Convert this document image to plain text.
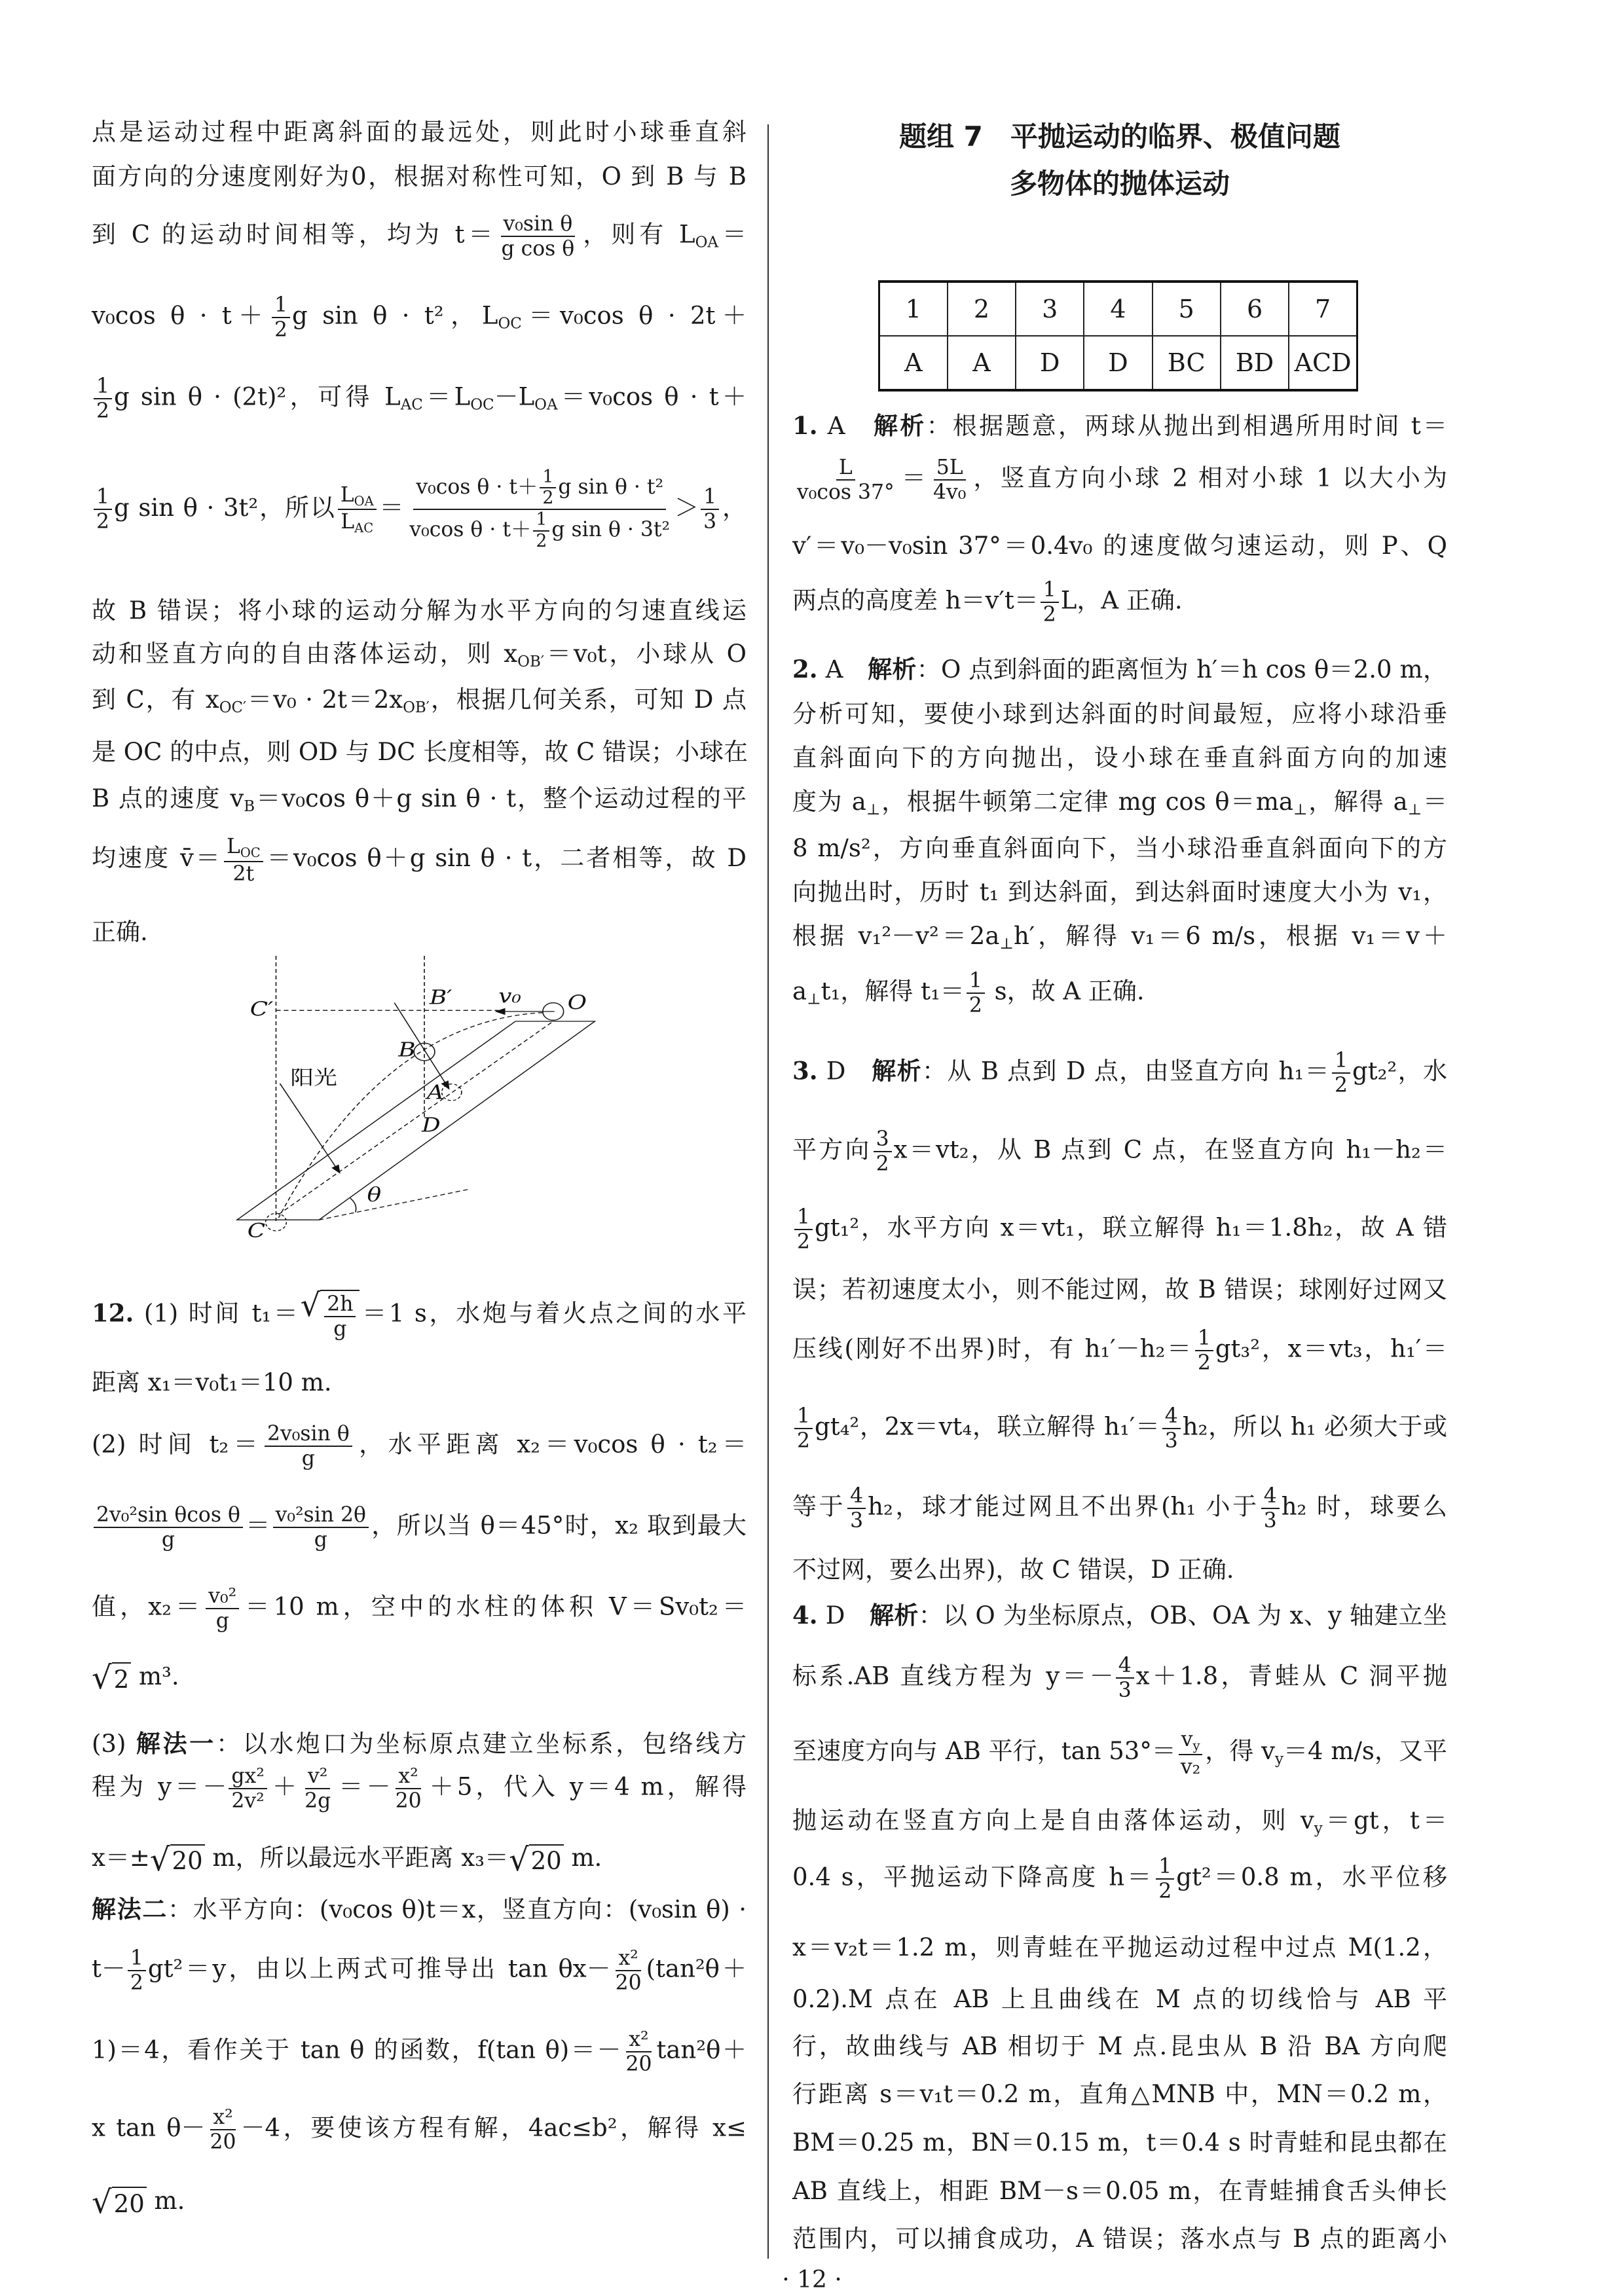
题组 7　平抛运动的临界、极值问题
多物体的抛体运动
1	2	3	4	5	6	7
A	A	D	D	BC	BD	ACD
C′
B′ v₀ O
B
阳光
A
D
θ
C
点是运动过程中距离斜面的最远处，则此时小球垂直斜
面方向的分速度刚好为0，根据对称性可知，O 到 B 与 B
到 C 的运动时间相等，均为 $t= \frac{\text{v₀sin θ}}{\text{g cos θ}}$ ，则有 $L_{OA}=$
v₀cos $\theta \cdot t+ \frac{1}{2}$ g sin θ · t²，$L_{OC}=v_0\cos$ θ · 2t＋
$\frac{1}{2}$ g sin θ · (2t)²，可得 $L_{AC}=L_{OC}-L_{OA}=v_0\cos$ θ · t＋
$\frac{1}{2}$ g sin θ · 3t²，所以 $\frac{L_{OA}}{L_{AC}} = \frac{v_0\cos \theta \cdot t+ \frac{1}{2} g \sin \theta \cdot t^2}{v_0\cos \theta \cdot t+ \frac{1}{2} g \sin \theta \cdot 3t^2} > \frac{1}{3}$ ，
故 B 错误；将小球的运动分解为水平方向的匀速直线运
动和竖直方向的自由落体运动，则 $x_{OB'}=v_0t$，小球从 O
到 C，有 $x_{OC'}=v_0 \cdot 2t=2x_{OB'}$，根据几何关系，可知 D 点
是 OC 的中点，则 OD 与 DC 长度相等，故 C 错误；小球在
B 点的速度 $v_B=v_0\cos$ θ＋g sin θ · t，整个运动过程的平
均速度 v̄＝ $\frac{L_{OC}}{2t} =v_0\cos$ θ＋g sin θ · t，二者相等，故 D
正确.
12. (1) 时间 t₁＝ √ $\frac{2h}{g} =1$ s，水炮与着火点之间的水平
距离 x₁＝v₀t₁＝10 m.
(2) 时间 $t_2= \frac{\text{2v₀sin θ}}{g}$ ，水平距离 x₂＝v₀cos θ · t₂＝
$\frac{\text{2v₀²sin θcos θ}}{g} = \frac{\text{v₀²sin 2θ}}{g}$ ，所以当 θ＝45°时，x₂ 取到最大
值，$x_2= \frac{\text{v₀²}}{g} =10$ m，空中的水柱的体积 V＝Sv₀t₂＝
√ 2 m³.
(3) 解法一：以水炮口为坐标原点建立坐标系，包络线方
程为 $y=- \frac{\text{gx²}}{\text{2v²}} + \frac{\text{v²}}{2g} =- \frac{\text{x²}}{20} +5$，代入 y＝4 m，解得
x＝± √ 20 m，所以最远水平距离 x₃＝ √ 20 m.
解法二：水平方向：(v₀cos θ)t＝x，竖直方向：(v₀sin θ) ·
$t- \frac{1}{2} gt^2=y$，由以上两式可推导出 $\tan \theta x- \frac{\text{x²}}{20} (\tan^2\theta+$
1)＝4，看作关于 tan θ 的函数，f(tan $\theta)=- \frac{\text{x²}}{20} \tan^2\theta+$
x $\tan \theta- \frac{\text{x²}}{20} -4$，要使该方程有解，4ac≤b²，解得 x≤
√ 20 m.
1. A　解析：根据题意，两球从抛出到相遇所用时间 t＝
$\frac{L}{\text{v₀cos 37°}} = \frac{5L}{\text{4v₀}}$ ，竖直方向小球 2 相对小球 1 以大小为
v′＝v₀－v₀sin 37°＝0.4v₀ 的速度做匀速运动，则 P、Q
两点的高度差 $h=v't= \frac{1}{2}$ L，A 正确.
2. A　解析：O 点到斜面的距离恒为 h′＝h cos θ＝2.0 m，
分析可知，要使小球到达斜面的时间最短，应将小球沿垂
直斜面向下的方向抛出，设小球在垂直斜面方向的加速
度为 $a_\perp$，根据牛顿第二定律 mg $\cos \theta=ma_\perp$，解得 $a_\perp=$
8 m/s²，方向垂直斜面向下，当小球沿垂直斜面向下的方
向抛出时，历时 t₁ 到达斜面，到达斜面时速度大小为 v₁，
根据 $v_1^2-v^2=2a_\perp h'$，解得 v₁＝6 m/s，根据 v₁＝v＋
$a_\perp t_1$，解得 $t_1= \frac{1}{2}$ s，故 A 正确.
3. D　解析：从 B 点到 D 点，由竖直方向 $h_1= \frac{1}{2} gt_2^2$，水
平方向 $\frac{3}{2} x=vt_2$，从 B 点到 C 点，在竖直方向 h₁－h₂＝
$\frac{1}{2} gt_1^2$，水平方向 x＝vt₁，联立解得 h₁＝1.8h₂，故 A 错
误；若初速度太小，则不能过网，故 B 错误；球刚好过网又
压线(刚好不出界)时，有 $h_1'-h_2= \frac{1}{2} gt_3^2$，x＝vt₃，h₁′＝
$\frac{1}{2} gt_4^2$，2x＝vt₄，联立解得 $h_1'= \frac{4}{3} h_2$，所以 h₁ 必须大于或
等于 $\frac{4}{3} h_2$，球才能过网且不出界(h₁ 小于 $\frac{4}{3} h_2$ 时，球要么
不过网，要么出界)，故 C 错误，D 正确.
4. D　解析：以 O 为坐标原点，OB、OA 为 x、y 轴建立坐
标系.AB 直线方程为 $y=- \frac{4}{3} x+1.8$，青蛙从 C 洞平抛
至速度方向与 AB 平行，$\tan 53^\circ= \frac{v_y}{\text{v₂}}$ ，得 $v_y=4$ m/s，又平
抛运动在竖直方向上是自由落体运动，则 $v_y=gt$，t＝
0.4 s，平抛运动下降高度 $h= \frac{1}{2} gt^2=0.8$ m，水平位移
x＝v₂t＝1.2 m，则青蛙在平抛运动过程中过点 M(1.2，
0.2).M 点在 AB 上且曲线在 M 点的切线恰与 AB 平
行，故曲线与 AB 相切于 M 点.昆虫从 B 沿 BA 方向爬
行距离 s＝v₁t＝0.2 m，直角△MNB 中，MN＝0.2 m，
BM＝0.25 m，BN＝0.15 m，t＝0.4 s 时青蛙和昆虫都在
AB 直线上，相距 BM－s＝0.05 m，在青蛙捕食舌头伸长
范围内，可以捕食成功，A 错误；落水点与 B 点的距离小
· 12 ·
